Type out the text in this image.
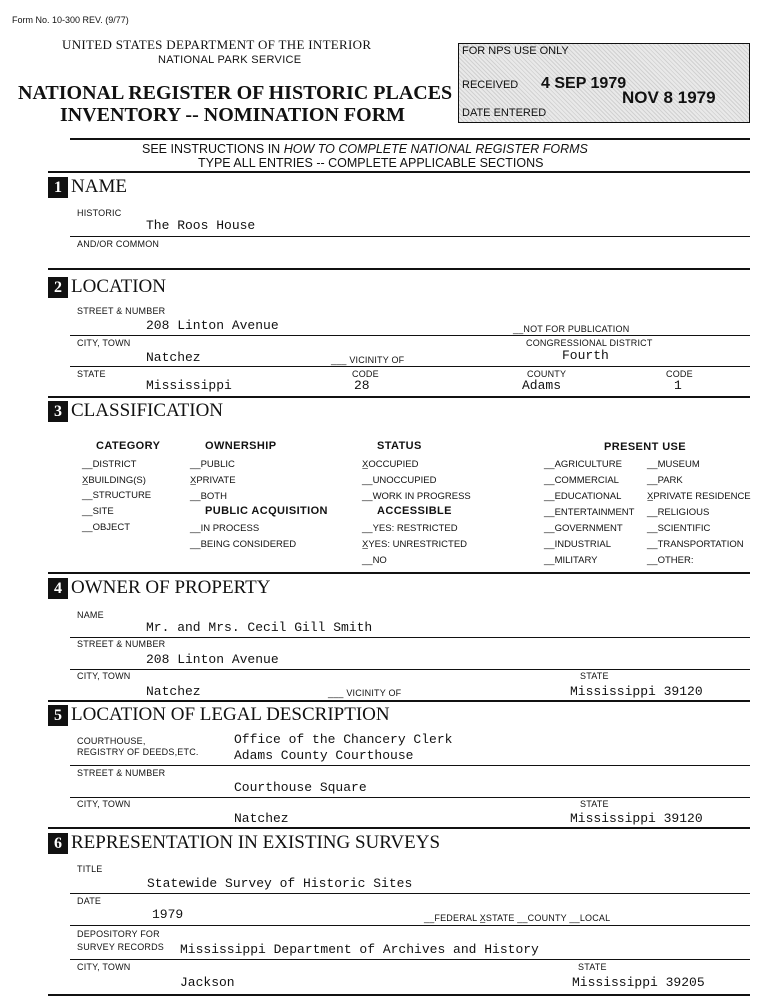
Form No. 10-300 REV. (9/77)
UNITED STATES DEPARTMENT OF THE INTERIOR
NATIONAL PARK SERVICE
NATIONAL REGISTER OF HISTORIC PLACES
INVENTORY -- NOMINATION FORM
FOR NPS USE ONLY
RECEIVED 4 SEP 1979
NOV 8 1979
DATE ENTERED
SEE INSTRUCTIONS IN HOW TO COMPLETE NATIONAL REGISTER FORMS
TYPE ALL ENTRIES -- COMPLETE APPLICABLE SECTIONS
1 NAME
HISTORIC
The Roos House
AND/OR COMMON
2 LOCATION
STREET & NUMBER
208 Linton Avenue	__NOT FOR PUBLICATION
CITY, TOWN	CONGRESSIONAL DISTRICT
Natchez	___ VICINITY OF	Fourth
STATE	CODE	COUNTY	CODE
Mississippi	28	Adams	1
3 CLASSIFICATION
CATEGORY
__DISTRICT
X̲BUILDING(S)
__STRUCTURE
__SITE
__OBJECT
OWNERSHIP
__PUBLIC
X̲PRIVATE
__BOTH
PUBLIC ACQUISITION
__IN PROCESS
__BEING CONSIDERED
STATUS
X̲OCCUPIED
__UNOCCUPIED
__WORK IN PROGRESS
ACCESSIBLE
__YES: RESTRICTED
X̲YES: UNRESTRICTED
__NO
PRESENT USE
__AGRICULTURE
__COMMERCIAL
__EDUCATIONAL
__ENTERTAINMENT
__GOVERNMENT
__INDUSTRIAL
__MILITARY
__MUSEUM
__PARK
X̲PRIVATE RESIDENCE
__RELIGIOUS
__SCIENTIFIC
__TRANSPORTATION
__OTHER:
4 OWNER OF PROPERTY
NAME
Mr. and Mrs. Cecil Gill Smith
STREET & NUMBER
208 Linton Avenue
CITY, TOWN	STATE
Natchez	___ VICINITY OF	Mississippi 39120
5 LOCATION OF LEGAL DESCRIPTION
COURTHOUSE,
REGISTRY OF DEEDS,ETC.
Office of the Chancery Clerk
Adams County Courthouse
STREET & NUMBER
Courthouse Square
CITY, TOWN	STATE
Natchez	Mississippi 39120
6 REPRESENTATION IN EXISTING SURVEYS
TITLE
Statewide Survey of Historic Sites
DATE
1979	__FEDERAL X̲STATE __COUNTY __LOCAL
DEPOSITORY FOR
SURVEY RECORDS Mississippi Department of Archives and History
CITY, TOWN	STATE
Jackson	Mississippi 39205
